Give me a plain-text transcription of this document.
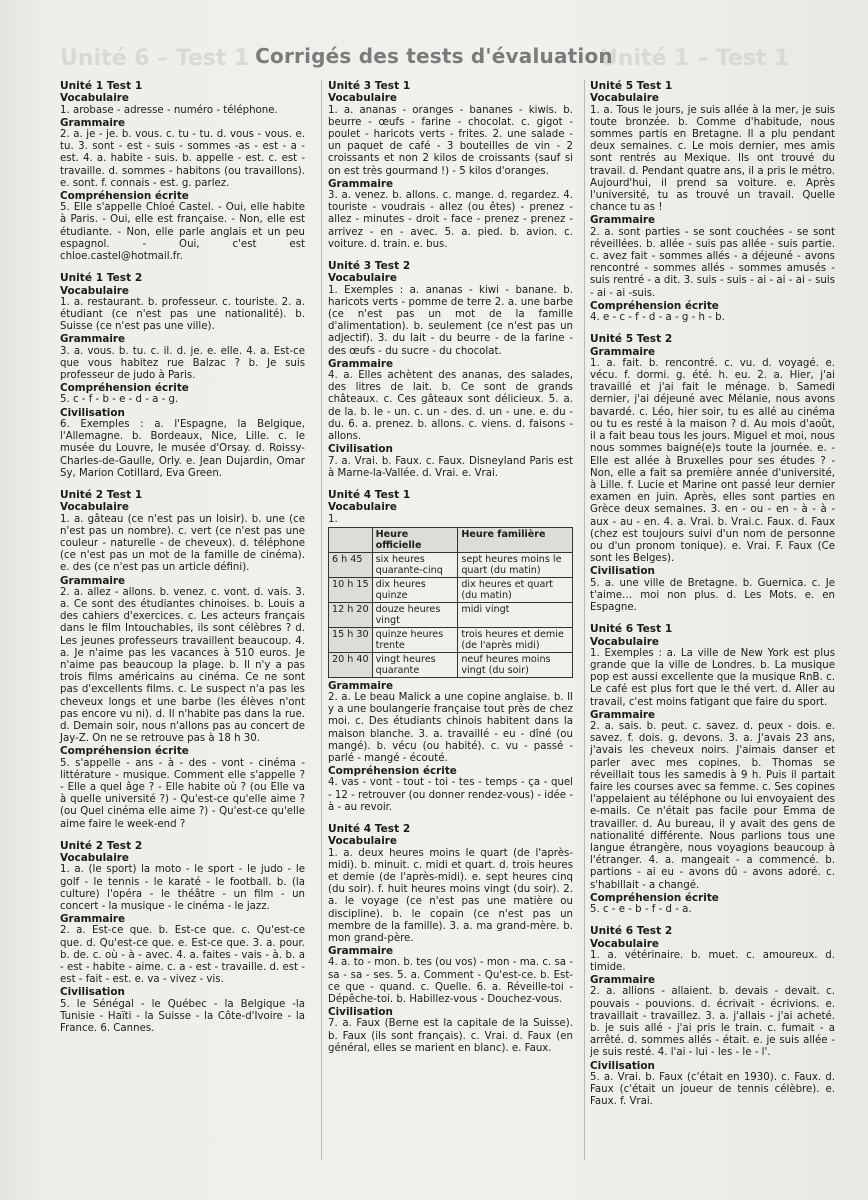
Unité 6 – Test 1	Unité 1 – Test 1
Corrigés des tests d'évaluation
Unité 1 Test 1
Vocabulaire

1. arobase - adresse - numéro - téléphone.

Grammaire

2. a. je - je. b. vous. c. tu - tu. d. vous - vous. e. tu. 3. sont - est - suis - sommes -as - est - a - est. 4. a. habite - suis. b. appelle - est. c. est - travaille. d. sommes - habitons (ou travaillons). e. sont. f. connais - est. g. parlez.

Compréhension écrite

5. Elle s'appelle Chloé Castel. - Oui, elle habite à Paris. - Oui, elle est française. - Non, elle est étudiante. - Non, elle parle anglais et un peu espagnol. - Oui, c'est est chloe.castel@hotmail.fr.

Unité 1 Test 2
Vocabulaire

1. a. restaurant. b. professeur. c. touriste. 2. a. étudiant (ce n'est pas une nationalité). b. Suisse (ce n'est pas une ville).

Grammaire

3. a. vous. b. tu. c. il. d. je. e. elle. 4. a. Est-ce que vous habitez rue Balzac ? b. Je suis professeur de judo à Paris.

Compréhension écrite

5. c - f - b - e - d - a - g.

Civilisation

6. Exemples : a. l'Espagne, la Belgique, l'Allemagne. b. Bordeaux, Nice, Lille. c. le musée du Louvre, le musée d'Orsay. d. Roissy- Charles-de-Gaulle, Orly. e. Jean Dujardin, Omar Sy, Marion Cotillard, Eva Green.

Unité 2 Test 1
Vocabulaire

1. a. gâteau (ce n'est pas un loisir). b. une (ce n'est pas un nombre). c. vert (ce n'est pas une couleur - naturelle - de cheveux). d. téléphone (ce n'est pas un mot de la famille de cinéma). e. des (ce n'est pas un article défini).

Grammaire

2. a. allez - allons. b. venez. c. vont. d. vais. 3. a. Ce sont des étudiantes chinoises. b. Louis a des cahiers d'exercices. c. Les acteurs français dans le film Intouchables, ils sont célèbres ? d. Les jeunes professeurs travaillent beaucoup. 4. a. Je n'aime pas les vacances à 510 euros. Je n'aime pas beaucoup la plage. b. Il n'y a pas trois films américains au cinéma. Ce ne sont pas d'excellents films. c. Le suspect n'a pas les cheveux longs et une barbe (les élèves n'ont pas encore vu ni). d. Il n'habite pas dans la rue. d. Demain soir, nous n'allons pas au concert de Jay-Z. On ne se retrouve pas à 18 h 30.

Compréhension écrite

5. s'appelle - ans - à - des - vont - cinéma - littérature - musique. Comment elle s'appelle ? - Elle a quel âge ? - Elle habite où ? (ou Elle va à quelle université ?) - Qu'est-ce qu'elle aime ? (ou Quel cinéma elle aime ?) - Qu'est-ce qu'elle aime faire le week-end ?

Unité 2 Test 2
Vocabulaire

1. a. (le sport) la moto - le sport - le judo - le golf - le tennis - le karaté - le football. b. (la culture) l'opéra - le théâtre - un film - un concert - la musique - le cinéma - le jazz.

Grammaire

2. a. Est-ce que. b. Est-ce que. c. Qu'est-ce que. d. Qu'est-ce que. e. Est-ce que. 3. a. pour. b. de. c. où - à - avec. 4. a. faites - vais - à. b. a - est - habite - aime. c. a - est - travaille. d. est - est - fait - est. e. va - vivez - vis.

Civilisation

5. le Sénégal - le Québec - la Belgique -la Tunisie - Haïti - la Suisse - la Côte-d'Ivoire - la France. 6. Cannes.

Unité 3 Test 1
Vocabulaire

1. a. ananas - oranges - bananes - kiwis. b. beurre - œufs - farine - chocolat. c. gigot - poulet - haricots verts - frites. 2. une salade - un paquet de café - 3 bouteilles de vin - 2 croissants et non 2 kilos de croissants (sauf si on est très gourmand !) - 5 kilos d'oranges.

Grammaire

3. a. venez. b. allons. c. mange. d. regardez. 4. touriste - voudrais - allez (ou êtes) - prenez - allez - minutes - droit - face - prenez - prenez - arrivez - en - avec. 5. a. pied. b. avion. c. voiture. d. train. e. bus.

Unité 3 Test 2
Vocabulaire

1. Exemples : a. ananas - kiwi - banane. b. haricots verts - pomme de terre 2. a. une barbe (ce n'est pas un mot de la famille d'alimentation). b. seulement (ce n'est pas un adjectif). 3. du lait - du beurre - de la farine - des œufs - du sucre - du chocolat.

Grammaire

4. a. Elles achètent des ananas, des salades, des litres de lait. b. Ce sont de grands châteaux. c. Ces gâteaux sont délicieux. 5. a. de la. b. le - un. c. un - des. d. un - une. e. du - du. 6. a. prenez. b. allons. c. viens. d. faisons - allons.

Civilisation

7. a. Vrai. b. Faux. c. Faux. Disneyland Paris est à Marne-la-Vallée. d. Vrai. e. Vrai.

Unité 4 Test 1
Vocabulaire

1.

	Heure officielle	Heure familière
6 h 45	six heures quarante-cinq	sept heures moins le quart (du matin)
10 h 15	dix heures quinze	dix heures et quart (du matin)
12 h 20	douze heures vingt	midi vingt
15 h 30	quinze heures trente	trois heures et demie (de l'après midi)
20 h 40	vingt heures quarante	neuf heures moins vingt (du soir)
Grammaire

2. a. Le beau Malick a une copine anglaise. b. Il y a une boulangerie française tout près de chez moi. c. Des étudiants chinois habitent dans la maison blanche. 3. a. travaillé - eu - dîné (ou mangé). b. vécu (ou habité). c. vu - passé - parlé - mangé - écouté.

Compréhension écrite

4. vas - vont - tout - toi - tes - temps - ça - quel - 12 - retrouver (ou donner rendez-vous) - idée - à - au revoir.

Unité 4 Test 2
Vocabulaire

1. a. deux heures moins le quart (de l'après-midi). b. minuit. c. midi et quart. d. trois heures et demie (de l'après-midi). e. sept heures cinq (du soir). f. huit heures moins vingt (du soir). 2. a. le voyage (ce n'est pas une matière ou discipline). b. le copain (ce n'est pas un membre de la famille). 3. a. ma grand-mère. b. mon grand-père.

Grammaire

4. a. to - mon. b. tes (ou vos) - mon - ma. c. sa - sa - sa - ses. 5. a. Comment - Qu'est-ce. b. Est-ce que - quand. c. Quelle. 6. a. Réveille-toi - Dépêche-toi. b. Habillez-vous - Douchez-vous.

Civilisation

7. a. Faux (Berne est la capitale de la Suisse). b. Faux (ils sont français). c. Vrai. d. Faux (en général, elles se marient en blanc). e. Faux.

Unité 5 Test 1
Vocabulaire

1. a. Tous le jours, je suis allée à la mer, je suis toute bronzée. b. Comme d'habitude, nous sommes partis en Bretagne. Il a plu pendant deux semaines. c. Le mois dernier, mes amis sont rentrés au Mexique. Ils ont trouvé du travail. d. Pendant quatre ans, il a pris le métro. Aujourd'hui, il prend sa voiture. e. Après l'université, tu as trouvé un travail. Quelle chance tu as !

Grammaire

2. a. sont parties - se sont couchées - se sont réveillées. b. allée - suis pas allée - suis partie. c. avez fait - sommes allés - a déjeuné - avons rencontré - sommes allés - sommes amusés - suis rentré - a dit. 3. suis - suis - ai - ai - ai - suis - ai - ai -suis.

Compréhension écrite

4. e - c - f - d - a - g - h - b.

Unité 5 Test 2
Grammaire

1. a. fait. b. rencontré. c. vu. d. voyagé. e. vécu. f. dormi. g. été. h. eu. 2. a. Hier, j'ai travaillé et j'ai fait le ménage. b. Samedi dernier, j'ai déjeuné avec Mélanie, nous avons bavardé. c. Léo, hier soir, tu es allé au cinéma ou tu es resté à la maison ? d. Au mois d'août, il a fait beau tous les jours. Miguel et moi, nous nous sommes baigné(e)s toute la journée. e. - Elle est allée à Bruxelles pour ses études ? - Non, elle a fait sa première année d'université, à Lille. f. Lucie et Marine ont passé leur dernier examen en juin. Après, elles sont parties en Grèce deux semaines. 3. en - ou - en - à - à - aux - au - en. 4. a. Vrai. b. Vrai.c. Faux. d. Faux (chez est toujours suivi d'un nom de personne ou d'un pronom tonique). e. Vrai. F. Faux (Ce sont les Belges).

Civilisation

5. a. une ville de Bretagne. b. Guernica. c. Je t'aime… moi non plus. d. Les Mots. e. en Espagne.

Unité 6 Test 1
Vocabulaire

1. Exemples : a. La ville de New York est plus grande que la ville de Londres. b. La musique pop est aussi excellente que la musique RnB. c. Le café est plus fort que le thé vert. d. Aller au travail, c'est moins fatigant que faire du sport.

Grammaire

2. a. sais. b. peut. c. savez. d. peux - dois. e. savez. f. dois. g. devons. 3. a. J'avais 23 ans, j'avais les cheveux noirs. J'aimais danser et parler avec mes copines. b. Thomas se réveillait tous les samedis à 9 h. Puis il partait faire les courses avec sa femme. c. Ses copines l'appelaient au téléphone ou lui envoyaient des e-mails. Ce n'était pas facile pour Emma de travailler. d. Au bureau, il y avait des gens de nationalité différente. Nous parlions tous une langue étrangère, nous voyagions beaucoup à l'étranger. 4. a. mangeait - a commencé. b. partions - ai eu - avons dû - avons adoré. c. s'habillait - a changé.

Compréhension écrite

5. c - e - b - f - d - a.

Unité 6 Test 2
Vocabulaire

1. a. vétérinaire. b. muet. c. amoureux. d. timide.

Grammaire

2. a. allions - allaient. b. devais - devait. c. pouvais - pouvions. d. écrivait - écrivions. e. travaillait - travaillez. 3. a. j'allais - j'ai acheté. b. je suis allé - j'ai pris le train. c. fumait - a arrêté. d. sommes allés - était. e. je suis allée - je suis resté. 4. l'ai - lui - les - le - l'.

Civilisation

5. a. Vrai. b. Faux (c'était en 1930). c. Faux. d. Faux (c'était un joueur de tennis célèbre). e. Faux. f. Vrai.
